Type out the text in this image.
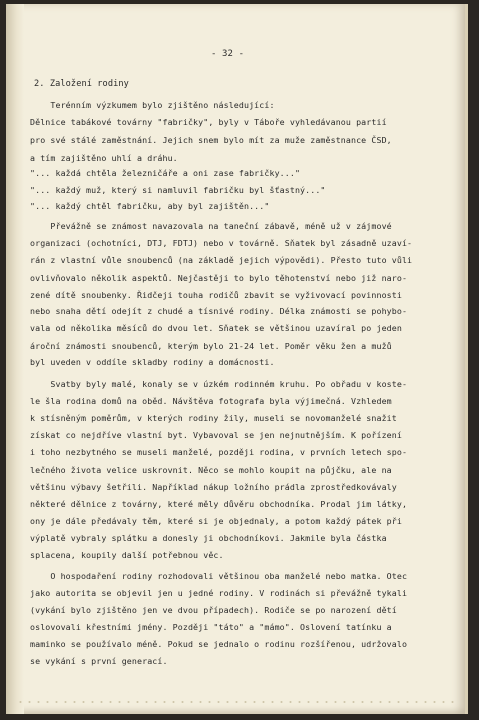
- 32 -
2. Založení rodiny
Terénním výzkumem bylo zjištěno následující:
Dělnice tabákové továrny "fabričky", byly v Táboře vyhledávanou partií
pro své stálé zaměstnání. Jejich snem bylo mít za muže zaměstnance ČSD,
a tím zajištěno uhlí a dráhu.
"... každá chtěla železničáře a oni zase fabričky..."
"... každý muž, který si namluvil fabričku byl šťastný..."
"... každý chtěl fabričku, aby byl zajištěn..."
Převážně se známost navazovala na taneční zábavě, méně už v zájmové
organizaci (ochotníci, DTJ, FDTJ) nebo v továrně. Sňatek byl zásadně uzaví-
rán z vlastní vůle snoubenců (na základě jejich výpovědi). Přesto tuto vůli
ovlivňovalo několik aspektů. Nejčastěji to bylo těhotenství nebo již naro-
zené dítě snoubenky. Řidčeji touha rodičů zbavit se vyživovací povinnosti
nebo snaha dětí odejít z chudé a tísnivé rodiny. Délka známosti se pohybo-
vala od několika měsíců do dvou let. Sňatek se většinou uzavíral po jeden
ároční známosti snoubenců, kterým bylo 21-24 let. Poměr věku žen a mužů
byl uveden v oddíle skladby rodiny a domácnosti.
Svatby byly malé, konaly se v úzkém rodinném kruhu. Po obřadu v koste-
le šla rodina domů na oběd. Návštěva fotografa byla výjimečná. Vzhledem
k stísněným poměrům, v kterých rodiny žily, museli se novomanželé snažit
získat co nejdříve vlastní byt. Vybavoval se jen nejnutnějším. K pořízení
i toho nezbytného se museli manželé, později rodina, v prvních letech spo-
lečného života velice uskrovnit. Něco se mohlo koupit na půjčku, ale na
většinu výbavy šetřili. Například nákup ložního prádla zprostředkovávaly
některé dělnice z továrny, které měly důvěru obchodníka. Prodal jim látky,
ony je dále předávaly těm, které si je objednaly, a potom každý pátek při
výplatě vybraly splátku a donesly ji obchodníkovi. Jakmile byla částka
splacena, koupily další potřebnou věc.
O hospodaření rodiny rozhodovali většinou oba manželé nebo matka. Otec
jako autorita se objevil jen u jedné rodiny. V rodinách si převážně tykali
(vykání bylo zjištěno jen ve dvou případech). Rodiče se po narození dětí
oslovovali křestními jmény. Později "táto" a "mámo". Oslovení tatínku a
maminko se používalo méně. Pokud se jednalo o rodinu rozšířenou, udržovalo
se vykání s první generací.
